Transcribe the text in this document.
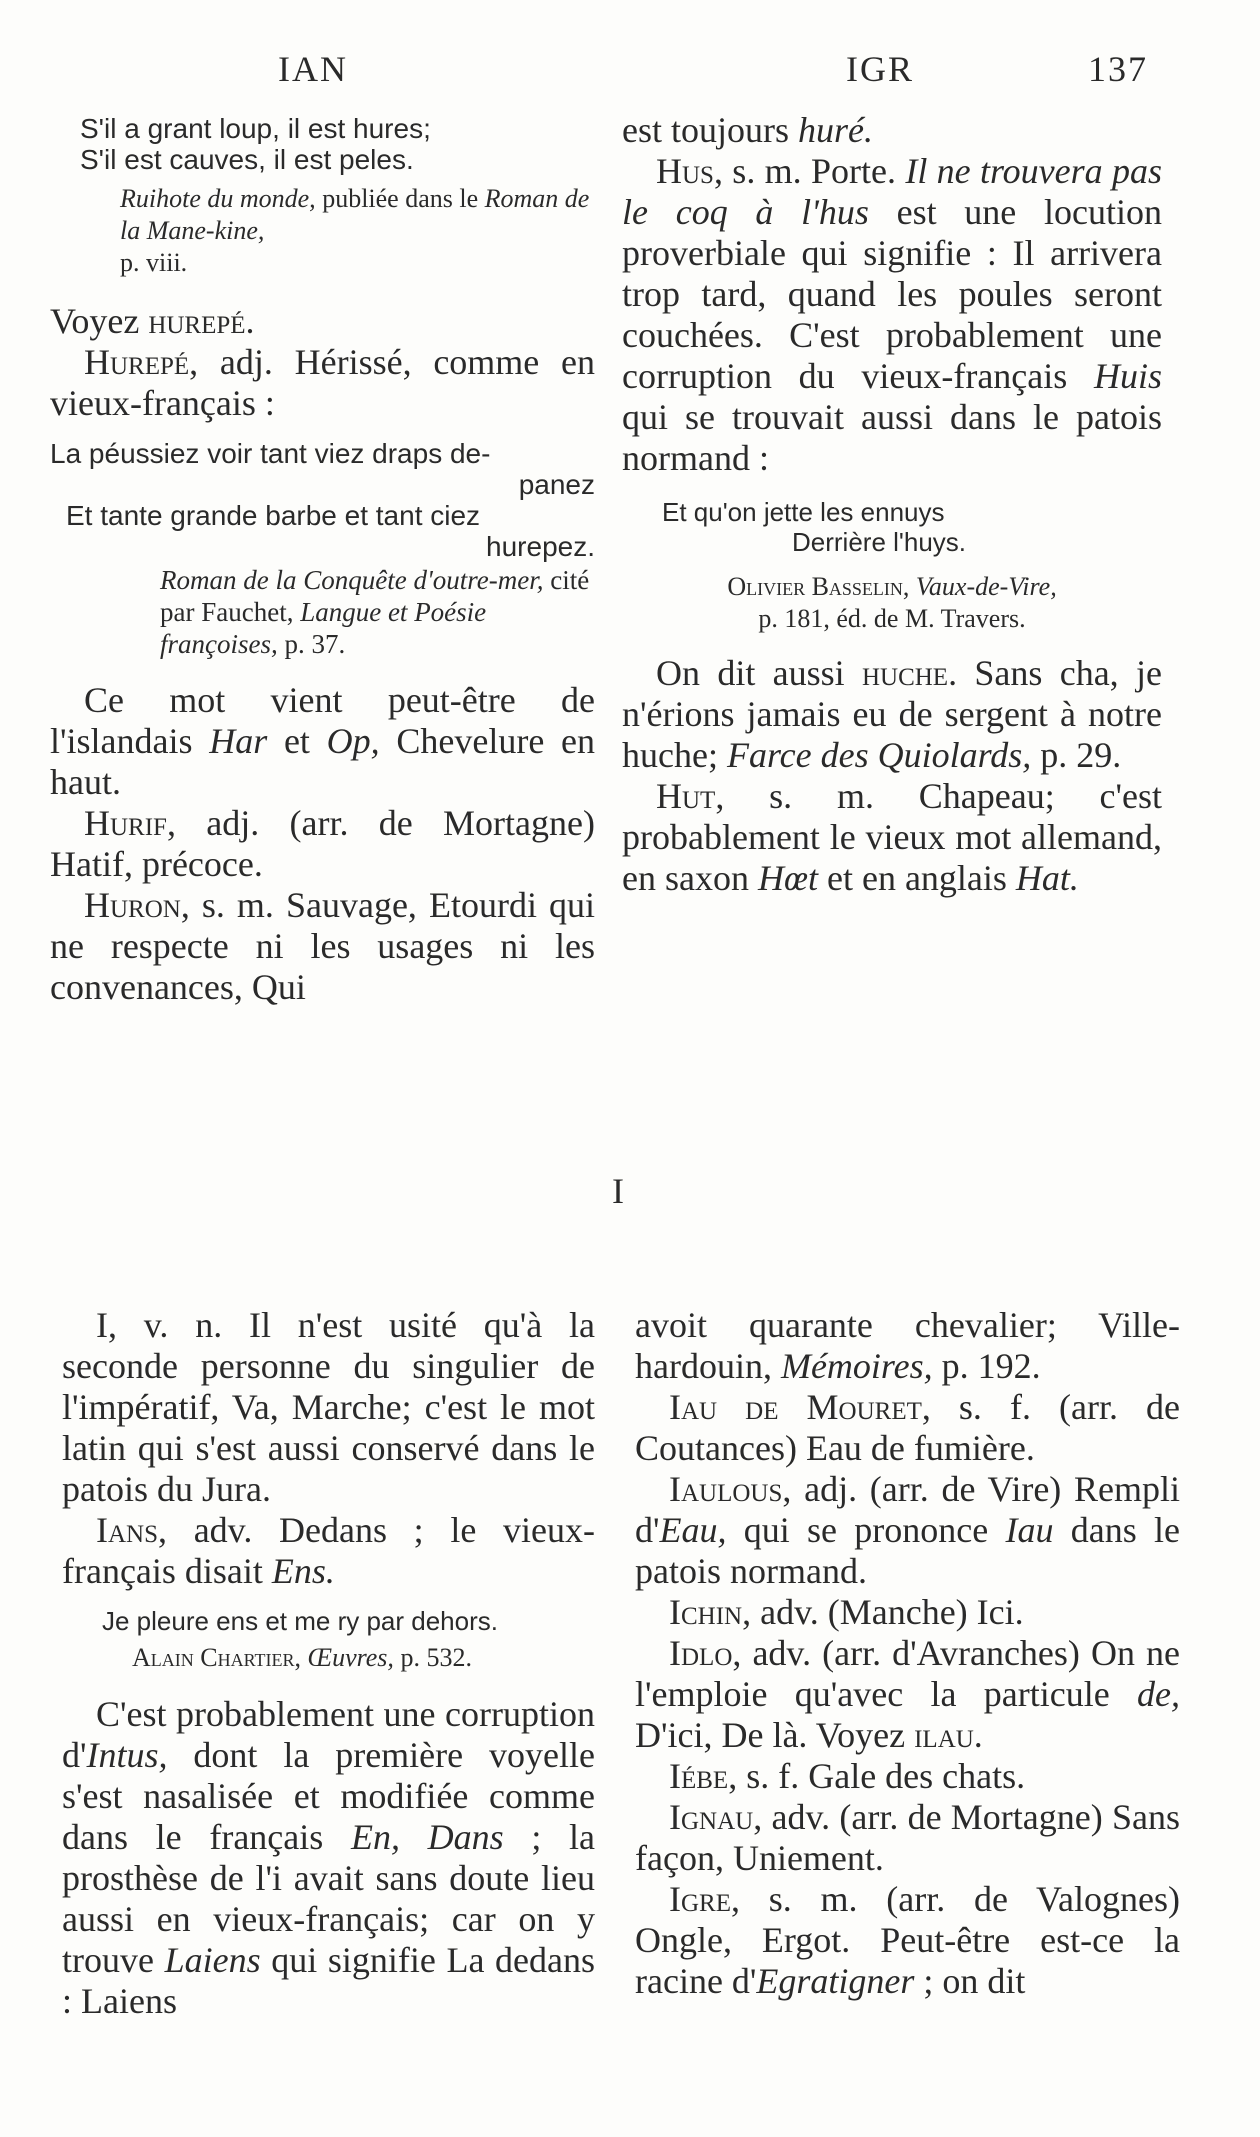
IAN	IGR	137

S'il a grant loup, il est hures;

S'il est cauves, il est peles.

Ruihote du monde, publiée dans le Roman de la Mane-kine,
p. viii.

Voyez hurepé.

Hurepé, adj. Hérissé, comme en vieux-français :

La péussiez voir tant viez draps de-

panez

Et tante grande barbe et tant ciez

hurepez.

Roman de la Conquête d'outre-mer, cité par Fauchet, Langue et Poésie françoises, p. 37.

Ce mot vient peut-être de l'islandais Har et Op, Chevelure en haut.

Hurif, adj. (arr. de Mortagne) Hatif, précoce.

Huron, s. m. Sauvage, Etourdi qui ne respecte ni les usages ni les convenances, Qui

est toujours huré.

Hus, s. m. Porte. Il ne trouvera pas le coq à l'hus est une locution proverbiale qui signifie : Il arrivera trop tard, quand les poules seront couchées. C'est probablement une corruption du vieux-français Huis qui se trouvait aussi dans le patois normand :

Et qu'on jette les ennuys

Derrière l'huys.

Olivier Basselin, Vaux-de-Vire,
p. 181, éd. de M. Travers.

On dit aussi huche. Sans cha, je n'érions jamais eu de sergent à notre huche; Farce des Quiolards, p. 29.

Hut, s. m. Chapeau; c'est probablement le vieux mot allemand, en saxon Hœt et en anglais Hat.

I

I, v. n. Il n'est usité qu'à la seconde personne du singulier de l'impératif, Va, Marche; c'est le mot latin qui s'est aussi conservé dans le patois du Jura.

Ians, adv. Dedans ; le vieux-français disait Ens.

Je pleure ens et me ry par dehors.

Alain Chartier, Œuvres, p. 532.

C'est probablement une corruption d'Intus, dont la première voyelle s'est nasalisée et modifiée comme dans le français En, Dans ; la prosthèse de l'i avait sans doute lieu aussi en vieux-français; car on y trouve Laiens qui signifie La dedans : Laiens

avoit quarante chevalier; Villehardouin, Mémoires, p. 192.

Iau de Mouret, s. f. (arr. de Coutances) Eau de fumière.

Iaulous, adj. (arr. de Vire) Rempli d'Eau, qui se prononce Iau dans le patois normand.

Ichin, adv. (Manche) Ici.

Idlo, adv. (arr. d'Avranches) On ne l'emploie qu'avec la particule de, D'ici, De là. Voyez ilau.

Iébe, s. f. Gale des chats.

Ignau, adv. (arr. de Mortagne) Sans façon, Uniement.

Igre, s. m. (arr. de Valognes) Ongle, Ergot. Peut-être est-ce la racine d'Egratigner ; on dit
